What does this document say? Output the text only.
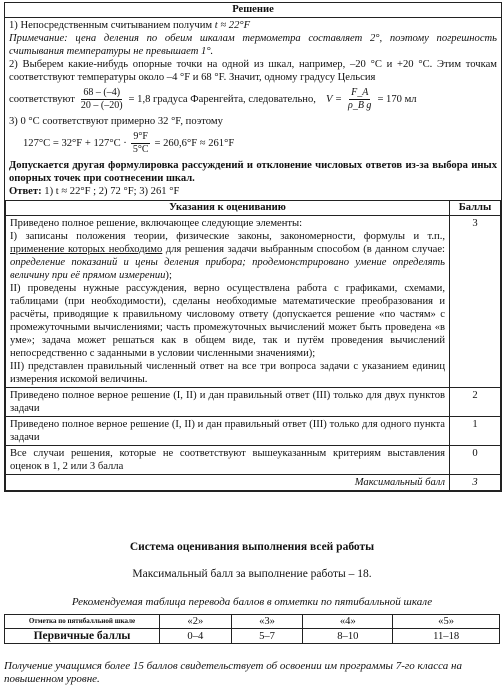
Решение

1) Непосредственным считыванием получим t ≈ 22°F

Примечание: цена деления по обеим шкалам термометра составляет 2°, поэтому погрешность считывания температуры не превышает 1°.

2) Выберем какие-нибудь опорные точки на одной из шкал, например, –20 °C и +20 °C. Этим точкам соответствуют температуры около –4 °F и 68 °F. Значит, одному градусу Цельсия

соответствуют $\frac{68 - (-4)}{20 - (-20)} = 1,8$ градуса Фаренгейта, следовательно, $V = \frac{F\_A}{\text{ρ\_B g}} = 170$ мл

3) 0 °C соответствуют примерно 32 °F, поэтому

$127^\circ C = 32^\circ F + 127^\circ C \cdot \frac{9^\circ F}{5^\circ C} = 260,6^\circ F \approx 261^\circ F$

Допускается другая формулировка рассуждений и отклонение числовых ответов из-за выбора иных опорных точек при соотнесении шкал.

Ответ: 1) t ≈ 22°F ; 2) 72 °F; 3) 261 °F

Указания к оцениванию	Баллы

Приведено полное решение, включающее следующие элементы:
I) записаны положения теории, физические законы, закономерности, формулы и т.п., применение которых необходимо для решения задачи выбранным способом (в данном случае: определение показаний и цены деления прибора; продемонстрировано умение определять величину при её прямом измерении);
II) проведены нужные рассуждения, верно осуществлена работа с графиками, схемами, таблицами (при необходимости), сделаны необходимые математические преобразования и расчёты, приводящие к правильному числовому ответу (допускается решение «по частям» с промежуточными вычислениями; часть промежуточных вычислений может быть проведена «в уме»; задача может решаться как в общем виде, так и путём проведения вычислений непосредственно с заданными в условии численными значениями);
III) представлен правильный численный ответ на все три вопроса задачи с указанием единиц измерения искомой величины.	3
Приведено полное верное решение (I, II) и дан правильный ответ (III) только для двух пунктов задачи	2
Приведено полное верное решение (I, II) и дан правильный ответ (III) только для одного пункта задачи	1
Все случаи решения, которые не соответствуют вышеуказанным критериям выставления оценок в 1, 2 или 3 балла	0
Максимальный балл	3
Система оценивания выполнения всей работы
Максимальный балл за выполнение работы – 18.
Рекомендуемая таблица перевода баллов в отметки по пятибалльной шкале
Отметка по пятибалльной шкале	«2»	«3»	«4»	«5»
Первичные баллы	0–4	5–7	8–10	11–18
Получение учащимся более 15 баллов свидетельствует об освоении им программы 7-го класса на повышенном уровне.
